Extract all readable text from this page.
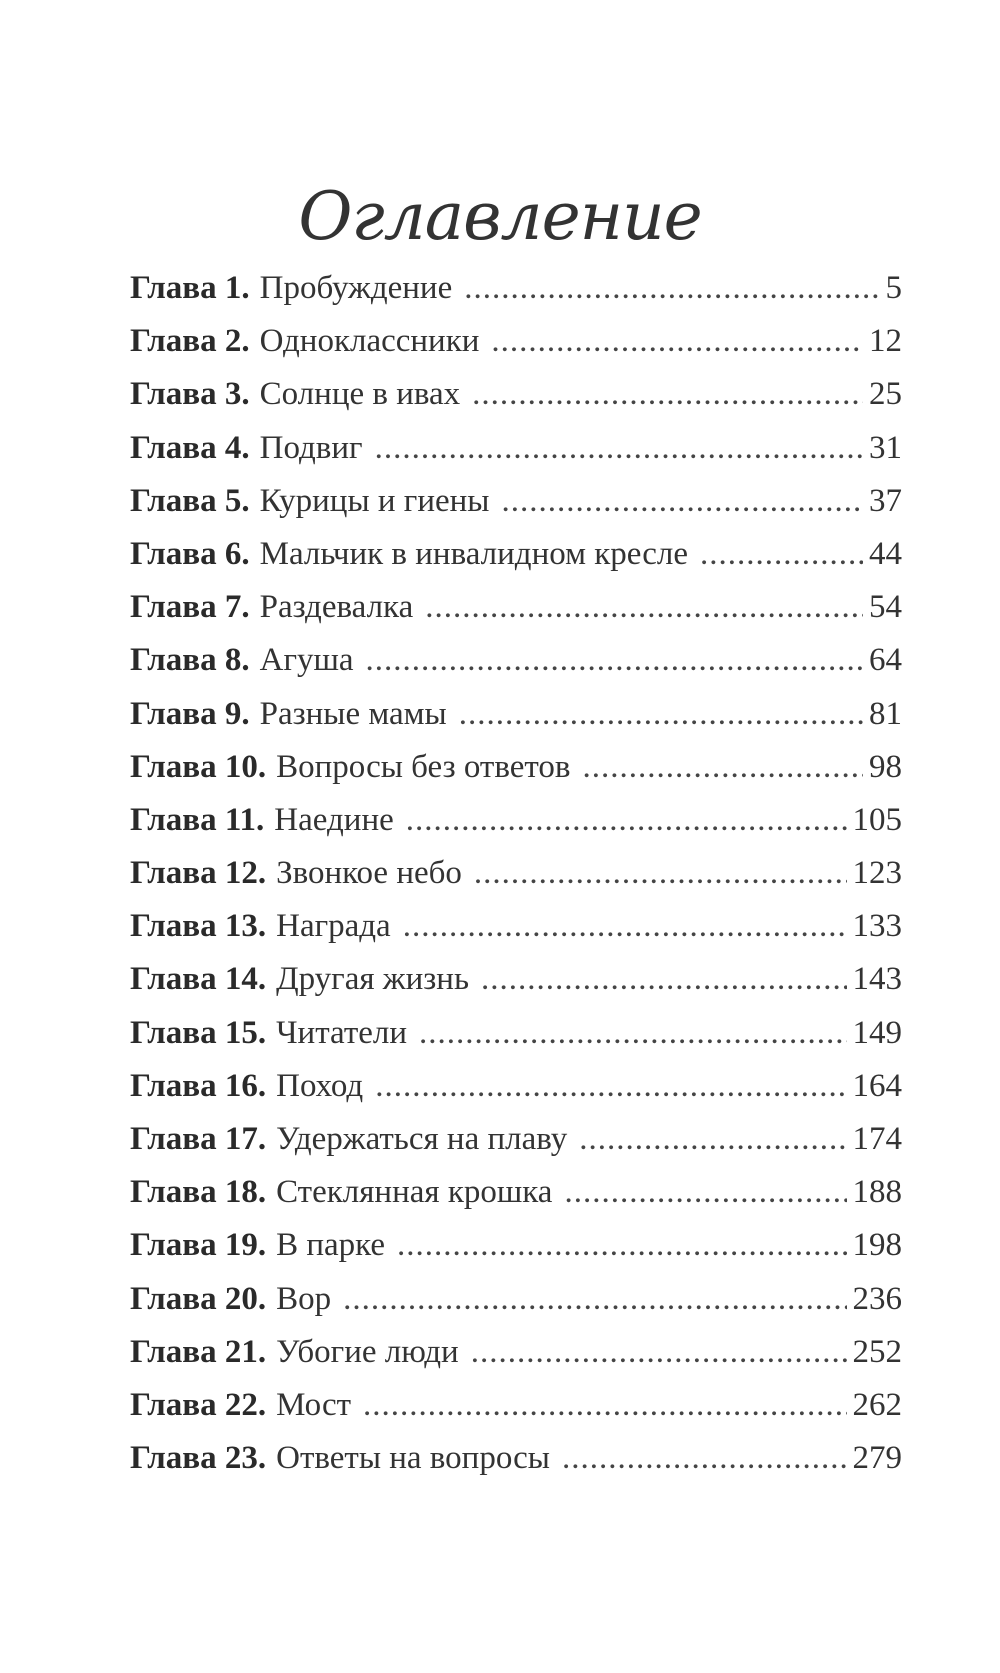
Оглавление
Глава 1. Пробуждение .....	5
Глава 2. Одноклассники .....	12
Глава 3. Солнце в ивах .....	25
Глава 4. Подвиг .....	31
Глава 5. Курицы и гиены .....	37
Глава 6. Мальчик в инвалидном кресле .....	44
Глава 7. Раздевалка .....	54
Глава 8. Агуша .....	64
Глава 9. Разные мамы .....	81
Глава 10. Вопросы без ответов .....	98
Глава 11. Наедине .....	105
Глава 12. Звонкое небо .....	123
Глава 13. Награда .....	133
Глава 14. Другая жизнь .....	143
Глава 15. Читатели .....	149
Глава 16. Поход .....	164
Глава 17. Удержаться на плаву .....	174
Глава 18. Стеклянная крошка .....	188
Глава 19. В парке .....	198
Глава 20. Вор .....	236
Глава 21. Убогие люди .....	252
Глава 22. Мост .....	262
Глава 23. Ответы на вопросы .....	279
